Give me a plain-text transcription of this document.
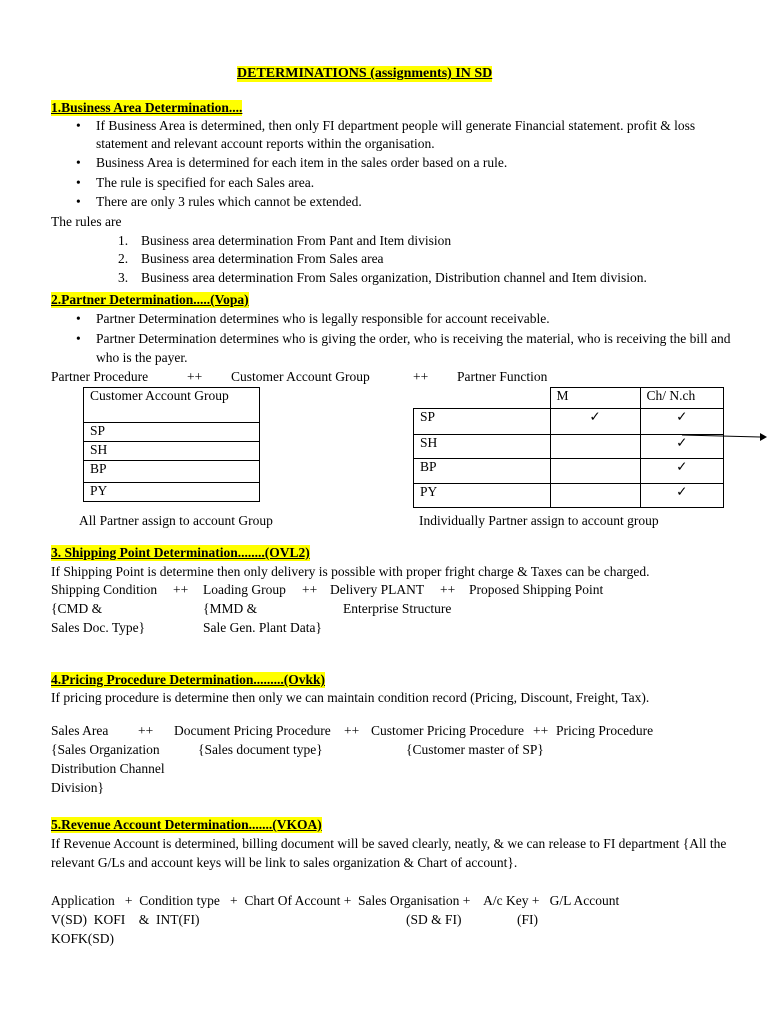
DETERMINATIONS (assignments) IN SD
1.Business Area Determination....
• If Business Area is determined, then only FI department people will generate Financial statement. profit & loss
statement and relevant account reports within the organisation.
• Business Area is determined for each item in the sales order based on a rule.
• The rule is specified for each Sales area.
• There are only 3 rules which cannot be extended.
The rules are
1. Business area determination From Pant and Item division
2. Business area determination From Sales area
3. Business area determination From Sales organization, Distribution channel and Item division.
2.Partner Determination.....(Vopa)
• Partner Determination determines who is legally responsible for account receivable.
• Partner Determination determines who is giving the order, who is receiving the material, who is receiving the bill and
who is the payer.
Partner Procedure	++ Customer Account Group	++ Partner Function
Customer Account Group
SP
SH
BP
PY
	M	Ch/ N.ch
SP	✓	✓
SH		✓
BP		✓
PY		✓
All Partner assign to account Group	Individually Partner assign to account group
3. Shipping Point Determination........(OVL2)
If Shipping Point is determine then only delivery is possible with proper fright charge & Taxes can be charged.
Shipping Condition ++ Loading Group ++ Delivery PLANT ++ Proposed Shipping Point
{CMD &	{MMD &	Enterprise Structure
Sales Doc. Type}	Sale Gen. Plant Data}
4.Pricing Procedure Determination.........(Ovkk)
If pricing procedure is determine then only we can maintain condition record (Pricing, Discount, Freight, Tax).
Sales Area ++ Document Pricing Procedure ++ Customer Pricing Procedure ++ Pricing Procedure
{Sales Organization	{Sales document type}	{Customer master of SP}
Distribution Channel
Division}
5.Revenue Account Determination.......(VKOA)
If Revenue Account is determined, billing document will be saved clearly, neatly, & we can release to FI department {All the
relevant G/Ls and account keys will be link to sales organization & Chart of account}.
Application   +  Condition type   +  Chart Of Account +  Sales Organisation +    A/c Key +   G/L Account
V(SD)  KOFI    &  INT(FI)	(SD & FI)	(FI)
KOFK(SD)
